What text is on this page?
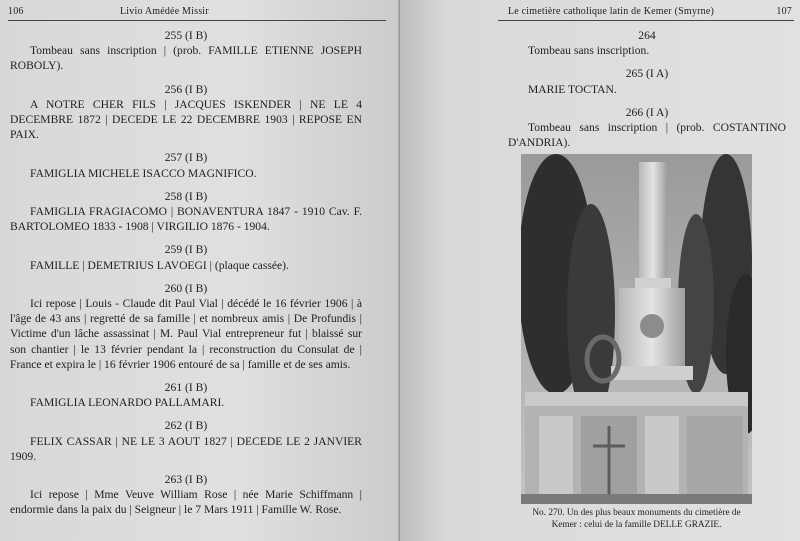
106	Livio Amédée Missir

255 (I B)

Tombeau sans inscription | (prob. FAMILLE ETIENNE JOSEPH ROBOLY).

256 (I B)

A NOTRE CHER FILS | JACQUES ISKENDER | NE LE 4 DECEMBRE 1872 | DECEDE LE 22 DECEMBRE 1903 | REPOSE EN PAIX.

257 (I B)

FAMIGLIA MICHELE ISACCO MAGNIFICO.

258 (I B)

FAMIGLIA FRAGIACOMO | BONAVENTURA 1847 - 1910 Cav. F. BARTOLOMEO 1833 - 1908 | VIRGILIO 1876 - 1904.

259 (I B)

FAMILLE | DEMETRIUS LAVOEGI | (plaque cassée).

260 (I B)

Ici repose | Louis - Claude dit Paul Vial | décédé le 16 février 1906 | à l'âge de 43 ans | regretté de sa famille | et nombreux amis | De Profundis | Victime d'un lâche assassinat | M. Paul Vial entrepreneur fut | blaissé sur son chantier | le 13 février pendant la | reconstruction du Consulat de | France et expira le | 16 février 1906 entouré de sa | famille et de ses amis.

261 (I B)

FAMIGLIA LEONARDO PALLAMARI.

262 (I B)

FELIX CASSAR | NE LE 3 AOUT 1827 | DECEDE LE 2 JANVIER 1909.

263 (I B)

Ici repose | Mme Veuve William Rose | née Marie Schiffmann | endormie dans la paix du | Seigneur | le 7 Mars 1911 | Famille W. Rose.

Le cimetière catholique latin de Kemer (Smyrne)	107

264

Tombeau sans inscription.

265 (I A)

MARIE TOCTAN.

266 (I A)

Tombeau sans inscription | (prob. COSTANTINO D'ANDRIA).

No. 270. Un des plus beaux monuments du cimetière de Kemer : celui de la famille DELLE GRAZIE.
